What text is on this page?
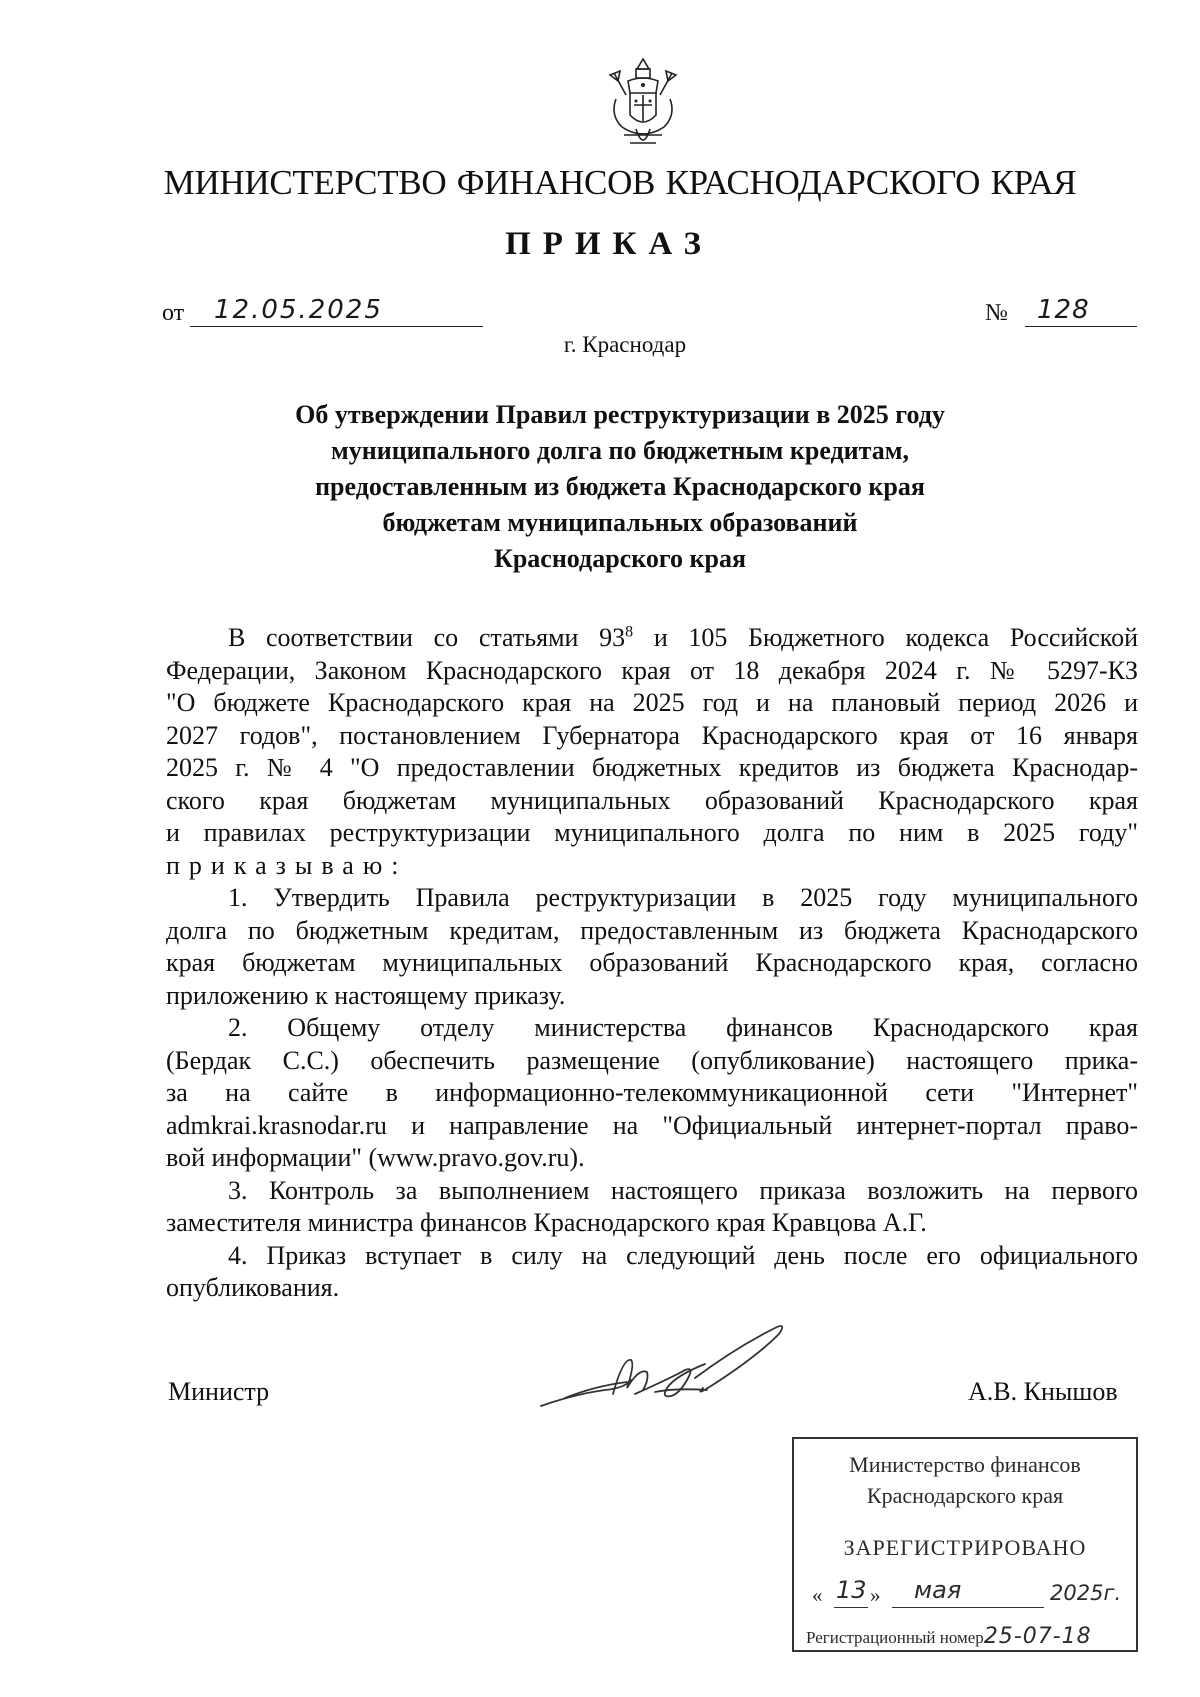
МИНИСТЕРСТВО ФИНАНСОВ КРАСНОДАРСКОГО КРАЯ
ПРИКАЗ
от 12.05.2025	№ 128
г. Краснодар
Об утверждении Правил реструктуризации в 2025 году
муниципального долга по бюджетным кредитам,
предоставленным из бюджета Краснодарского края
бюджетам муниципальных образований
Краснодарского края
В соответствии со статьями $93^8$ и 105 Бюджетного кодекса Российской
Федерации, Законом Краснодарского края от 18 декабря 2024 г. № 5297-КЗ
"О бюджете Краснодарского края на 2025 год и на плановый период 2026 и
2027 годов", постановлением Губернатора Краснодарского края от 16 января
2025 г. № 4 "О предоставлении бюджетных кредитов из бюджета Краснодар-
ского края бюджетам муниципальных образований Краснодарского края
и правилах реструктуризации муниципального долга по ним в 2025 году"
приказываю:
1. Утвердить Правила реструктуризации в 2025 году муниципального
долга по бюджетным кредитам, предоставленным из бюджета Краснодарского
края бюджетам муниципальных образований Краснодарского края, согласно
приложению к настоящему приказу.
2. Общему отделу министерства финансов Краснодарского края
(Бердак С.С.) обеспечить размещение (опубликование) настоящего прика-
за на сайте в информационно-телекоммуникационной сети "Интернет"
admkrai.krasnodar.ru и направление на "Официальный интернет-портал право-
вой информации" (www.pravo.gov.ru).
3. Контроль за выполнением настоящего приказа возложить на первого
заместителя министра финансов Краснодарского края Кравцова А.Г.
4. Приказ вступает в силу на следующий день после его официального
опубликования.
Министр	А.В. Кнышов
Министерство финансов
Краснодарского края
ЗАРЕГИСТРИРОВАНО
« 13 » мая	2025г.
Регистрационный номер25-07-18
